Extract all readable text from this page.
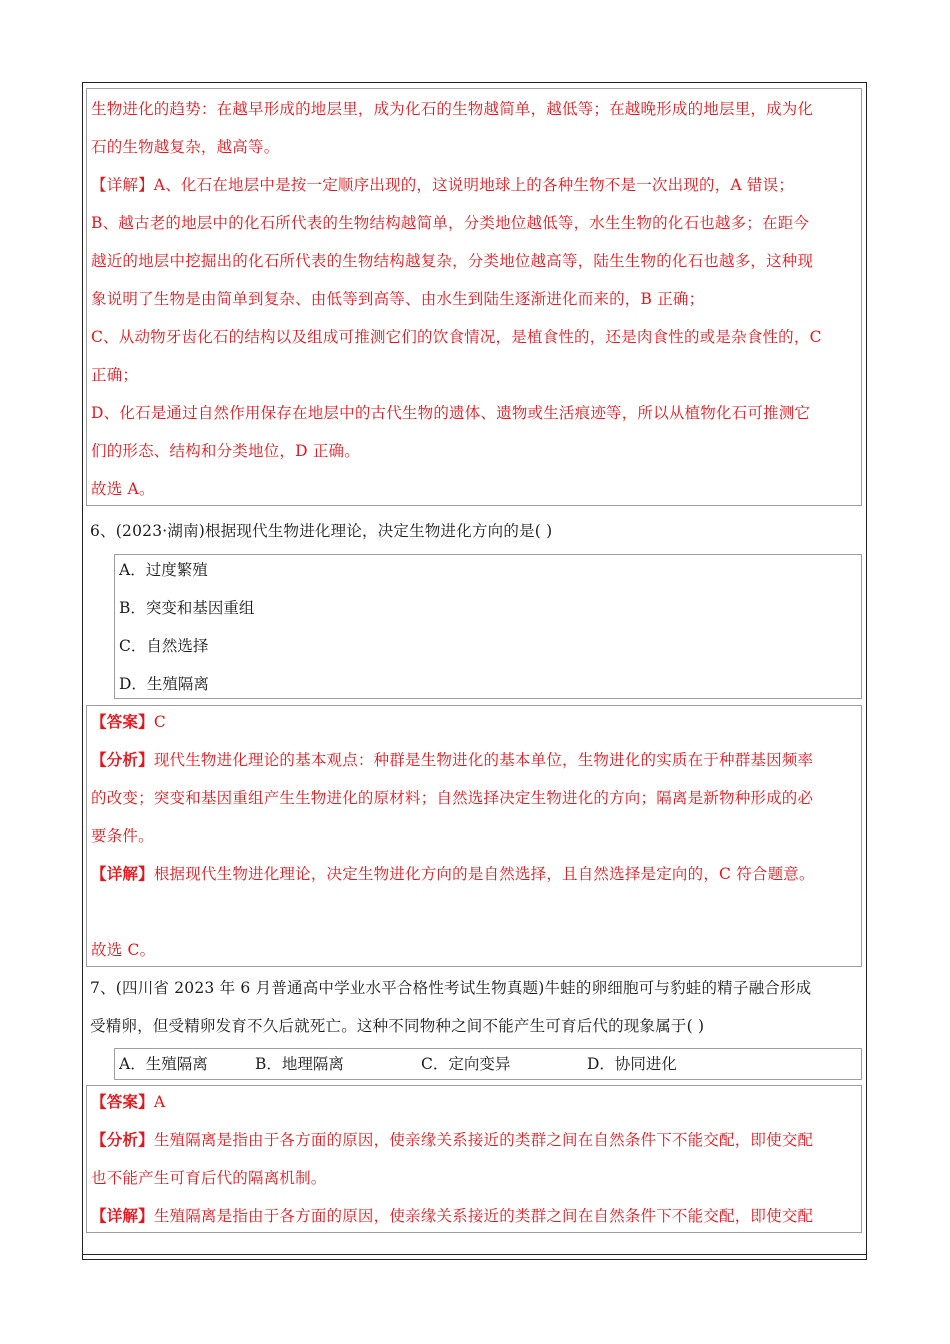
生物进化的趋势：在越早形成的地层里，成为化石的生物越简单，越低等；在越晚形成的地层里，成为化
石的生物越复杂，越高等。
【详解】A、化石在地层中是按一定顺序出现的，这说明地球上的各种生物不是一次出现的，A 错误；
B、越古老的地层中的化石所代表的生物结构越简单，分类地位越低等，水生生物的化石也越多；在距今
越近的地层中挖掘出的化石所代表的生物结构越复杂，分类地位越高等，陆生生物的化石也越多，这种现
象说明了生物是由简单到复杂、由低等到高等、由水生到陆生逐渐进化而来的，B 正确；
C、从动物牙齿化石的结构以及组成可推测它们的饮食情况，是植食性的，还是肉食性的或是杂食性的，C
正确；
D、化石是通过自然作用保存在地层中的古代生物的遗体、遗物或生活痕迹等，所以从植物化石可推测它
们的形态、结构和分类地位，D 正确。
故选 A。
6、(2023·湖南)根据现代生物进化理论，决定生物进化方向的是( )
A．过度繁殖
B．突变和基因重组
C．自然选择
D．生殖隔离
【答案】C
【分析】现代生物进化理论的基本观点：种群是生物进化的基本单位，生物进化的实质在于种群基因频率
的改变；突变和基因重组产生生物进化的原材料；自然选择决定生物进化的方向；隔离是新物种形成的必
要条件。
【详解】根据现代生物进化理论，决定生物进化方向的是自然选择，且自然选择是定向的，C 符合题意。
故选 C。
7、(四川省 2023 年 6 月普通高中学业水平合格性考试生物真题)牛蛙的卵细胞可与豹蛙的精子融合形成
受精卵，但受精卵发育不久后就死亡。这种不同物种之间不能产生可育后代的现象属于( )
A．生殖隔离	B．地理隔离	C．定向变异	D．协同进化
【答案】A
【分析】生殖隔离是指由于各方面的原因，使亲缘关系接近的类群之间在自然条件下不能交配，即使交配
也不能产生可育后代的隔离机制。
【详解】生殖隔离是指由于各方面的原因，使亲缘关系接近的类群之间在自然条件下不能交配，即使交配
